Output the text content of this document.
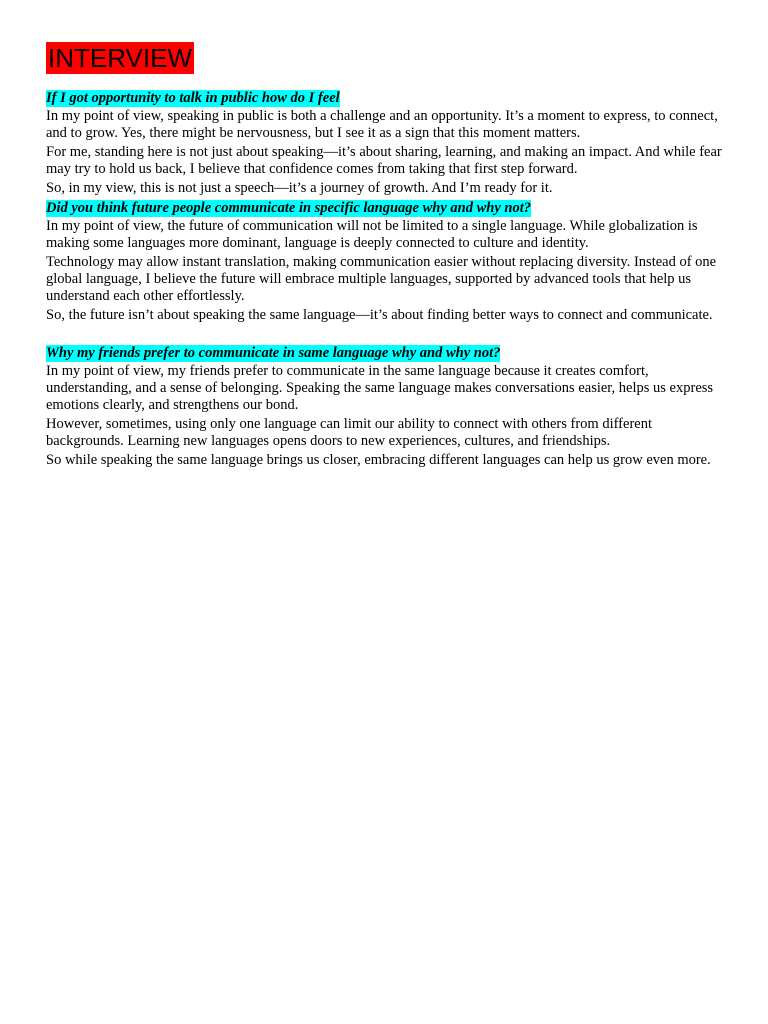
INTERVIEW
If I got opportunity to talk in public how do I feel

In my point of view, speaking in public is both a challenge and an opportunity. It’s a moment to express, to connect, and to grow. Yes, there might be nervousness, but I see it as a sign that this moment matters.

For me, standing here is not just about speaking—it’s about sharing, learning, and making an impact. And while fear may try to hold us back, I believe that confidence comes from taking that first step forward.

So, in my view, this is not just a speech—it’s a journey of growth. And I’m ready for it.

Did you think future people communicate in specific language why and why not?

In my point of view, the future of communication will not be limited to a single language. While globalization is making some languages more dominant, language is deeply connected to culture and identity.

Technology may allow instant translation, making communication easier without replacing diversity. Instead of one global language, I believe the future will embrace multiple languages, supported by advanced tools that help us understand each other effortlessly.

So, the future isn’t about speaking the same language—it’s about finding better ways to connect and communicate.

Why my friends prefer to communicate in same language why and why not?

In my point of view, my friends prefer to communicate in the same language because it creates comfort, understanding, and a sense of belonging. Speaking the same language makes conversations easier, helps us express emotions clearly, and strengthens our bond.

However, sometimes, using only one language can limit our ability to connect with others from different backgrounds. Learning new languages opens doors to new experiences, cultures, and friendships.

So while speaking the same language brings us closer, embracing different languages can help us grow even more.
